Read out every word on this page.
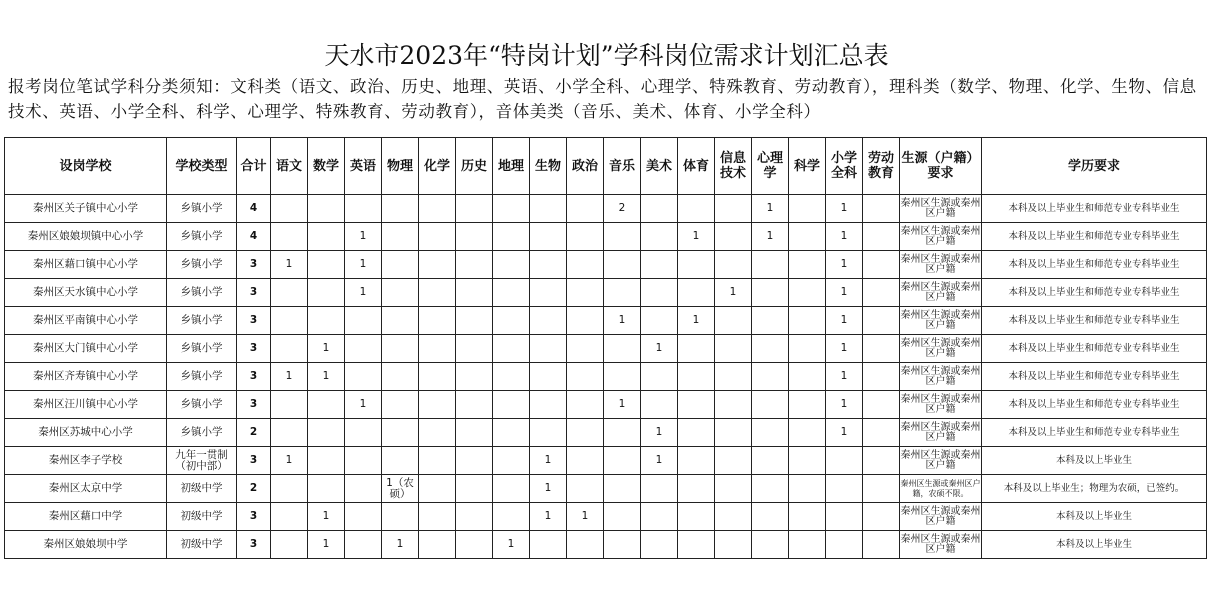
天水市2023年“特岗计划”学科岗位需求计划汇总表
报考岗位笔试学科分类须知：文科类（语文、政治、历史、地理、英语、小学全科、心理学、特殊教育、劳动教育），理科类（数学、物理、化学、生物、信息技术、英语、小学全科、科学、心理学、特殊教育、劳动教育），音体美类（音乐、美术、体育、小学全科）
设岗学校	学校类型	合计	语文	数学	英语	物理	化学	历史	地理	生物	政治	音乐	美术	体育	信息技术	心理学	科学	小学全科	劳动教育	生源（户籍）要求	学历要求
秦州区关子镇中心小学	乡镇小学	4										2				1		1		秦州区生源或秦州区户籍	本科及以上毕业生和师范专业专科毕业生
秦州区娘娘坝镇中心小学	乡镇小学	4			1									1		1		1		秦州区生源或秦州区户籍	本科及以上毕业生和师范专业专科毕业生
秦州区藉口镇中心小学	乡镇小学	3	1		1													1		秦州区生源或秦州区户籍	本科及以上毕业生和师范专业专科毕业生
秦州区天水镇中心小学	乡镇小学	3			1										1			1		秦州区生源或秦州区户籍	本科及以上毕业生和师范专业专科毕业生
秦州区平南镇中心小学	乡镇小学	3										1		1				1		秦州区生源或秦州区户籍	本科及以上毕业生和师范专业专科毕业生
秦州区大门镇中心小学	乡镇小学	3		1									1					1		秦州区生源或秦州区户籍	本科及以上毕业生和师范专业专科毕业生
秦州区齐寿镇中心小学	乡镇小学	3	1	1														1		秦州区生源或秦州区户籍	本科及以上毕业生和师范专业专科毕业生
秦州区汪川镇中心小学	乡镇小学	3			1							1						1		秦州区生源或秦州区户籍	本科及以上毕业生和师范专业专科毕业生
秦州区苏城中心小学	乡镇小学	2											1					1		秦州区生源或秦州区户籍	本科及以上毕业生和师范专业专科毕业生
秦州区李子学校	九年一贯制（初中部）	3	1							1			1							秦州区生源或秦州区户籍	本科及以上毕业生
秦州区太京中学	初级中学	2				1（农硕）				1										秦州区生源或秦州区户籍，农硕不限。	本科及以上毕业生；物理为农硕，已签约。
秦州区藉口中学	初级中学	3		1						1	1									秦州区生源或秦州区户籍	本科及以上毕业生
秦州区娘娘坝中学	初级中学	3		1		1			1											秦州区生源或秦州区户籍	本科及以上毕业生
